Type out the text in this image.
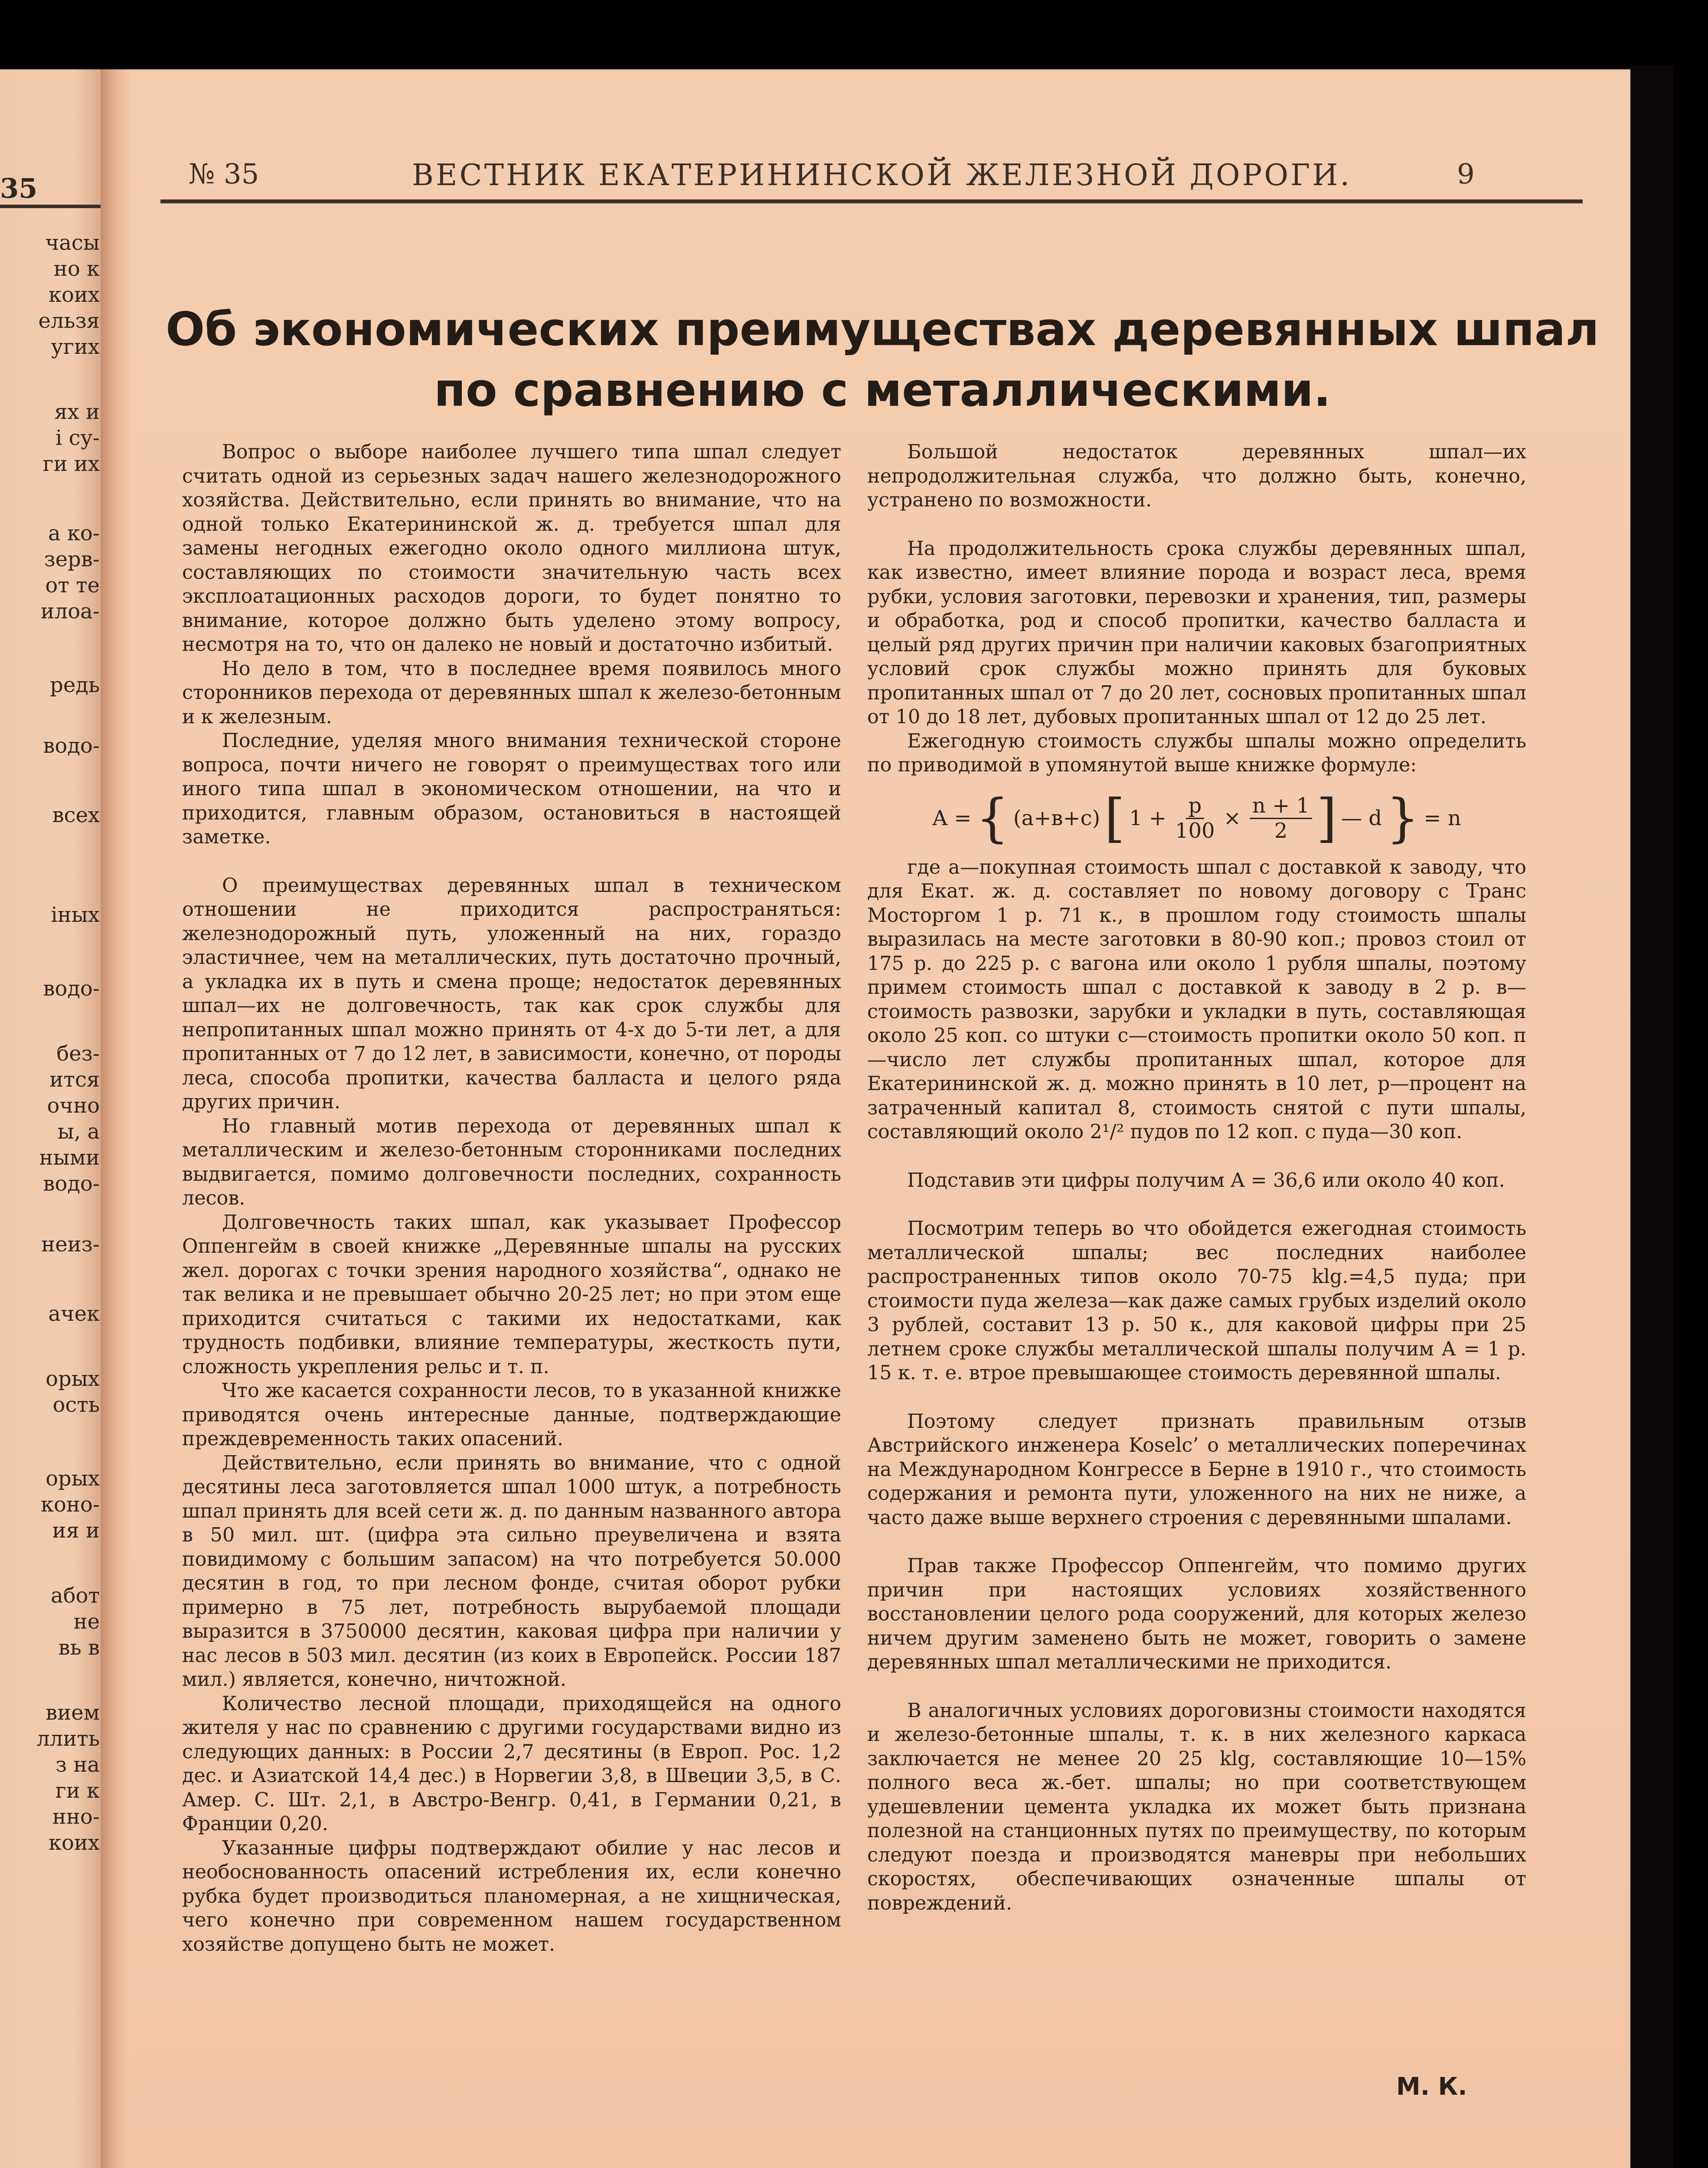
35
часы
но к
коих
ельзя
угих
ях и
і су-
ги их
а ко-
зерв-
от те
илоа-
редь
водо-
всех
іных
водо-
без-
ится
очно
ы, а
ными
водо-
неиз-
ачек
орых
ость
орых
коно-
ия и
абот
не
вь в
вием
ллить
з на
ги к
нно-
коих
№ 35	ВЕСТНИК ЕКАТЕРИНИНСКОЙ ЖЕЛЕЗНОЙ ДОРОГИ.	9
Об экономических преимуществах деревянных шпал по сравнению с металлическими.

Вопрос о выборе наиболее лучшего типа шпал следует считать одной из серьезных задач нашего железнодорожного хозяйства. Действительно, если принять во внимание, что на одной только Екатерининской ж. д. требуется шпал для замены негодных ежегодно около одного миллиона штук, составляющих по стоимости значительную часть всех эксплоатационных расходов дороги, то будет понятно то внимание, которое должно быть уделено этому вопросу, несмотря на то, что он далеко не новый и достаточно избитый.

Но дело в том, что в последнее время появилось много сторонников перехода от деревянных шпал к железо-бетонным и к железным.

Последние, уделяя много внимания технической стороне вопроса, почти ничего не говорят о преимуществах того или иного типа шпал в экономическом отношении, на что и приходится, главным образом, остановиться в настоящей заметке.

О преимуществах деревянных шпал в техническом отношении не приходится распространяться: железнодорожный путь, уложенный на них, гораздо эластичнее, чем на металлических, путь достаточно прочный, а укладка их в путь и смена проще; недостаток деревянных шпал—их не долговечность, так как срок службы для непропитанных шпал можно принять от 4-х до 5-ти лет, а для пропитанных от 7 до 12 лет, в зависимости, конечно, от породы леса, способа пропитки, качества балласта и целого ряда других причин.

Но главный мотив перехода от деревянных шпал к металлическим и железо-бетонным сторонниками последних выдвигается, помимо долговечности последних, сохранность лесов.

Долговечность таких шпал, как указывает Профессор Оппенгейм в своей книжке „Деревянные шпалы на русских жел. дорогах с точки зрения народного хозяйства“, однако не так велика и не превышает обычно 20-25 лет; но при этом еще приходится считаться с такими их недостатками, как трудность подбивки, влияние температуры, жесткость пути, сложность укрепления рельс и т. п.

Что же касается сохранности лесов, то в указанной книжке приводятся очень интересные данные, подтверждающие преждевременность таких опасений.

Действительно, если принять во внимание, что с одной десятины леса заготовляется шпал 1000 штук, а потребность шпал принять для всей сети ж. д. по данным названного автора в 50 мил. шт. (цифра эта сильно преувеличена и взята повидимому с большим запасом) на что потребуется 50.000 десятин в год, то при лесном фонде, считая оборот рубки примерно в 75 лет, потребность вырубаемой площади выразится в 3750000 десятин, каковая цифра при наличии у нас лесов в 503 мил. десятин (из коих в Европейск. России 187 мил.) является, конечно, ничтожной.

Количество лесной площади, приходящейся на одного жителя у нас по сравнению с другими государствами видно из следующих данных: в России 2,7 десятины (в Европ. Рос. 1,2 дес. и Азиатской 14,4 дес.) в Норвегии 3,8, в Швеции 3,5, в С. Амер. С. Шт. 2,1, в Австро-Венгр. 0,41, в Германии 0,21, в Франции 0,20.

Указанные цифры подтверждают обилие у нас лесов и необоснованность опасений истребления их, если конечно рубка будет производиться планомерная, а не хищническая, чего конечно при современном нашем государственном хозяйстве допущено быть не может.

Большой недостаток деревянных шпал—их непродолжительная служба, что должно быть, конечно, устранено по возможности.

На продолжительность срока службы деревянных шпал, как известно, имеет влияние порода и возраст леса, время рубки, условия заготовки, перевозки и хранения, тип, размеры и обработка, род и способ пропитки, качество балласта и целый ряд других причин при наличии каковых бзагоприятных условий срок службы можно принять для буковых пропитанных шпал от 7 до 20 лет, сосновых пропитанных шпал от 10 до 18 лет, дубовых пропитанных шпал от 12 до 25 лет.

Ежегодную стоимость службы шпалы можно определить по приводимой в упомянутой выше книжке формуле:

A = { (а+в+с) [ $1 + \frac{p}{100} \times \frac{n + 1}{2}$ ] — d } = n

где а—покупная стоимость шпал с доставкой к заводу, что для Екат. ж. д. составляет по новому договору с Транс Мосторгом 1 р. 71 к., в прошлом году стоимость шпалы выразилась на месте заготовки в 80-90 коп.; провоз стоил от 175 р. до 225 р. с вагона или около 1 рубля шпалы, поэтому примем стоимость шпал с доставкой к заводу в 2 р. в—стоимость развозки, зарубки и укладки в путь, составляющая около 25 коп. со штуки с—стоимость пропитки около 50 коп. п—число лет службы пропитанных шпал, которое для Екатерининской ж. д. можно принять в 10 лет, р—процент на затраченный капитал 8, стоимость снятой с пути шпалы, составляющий около 2¹/² пудов по 12 коп. с пуда—30 коп.

Подставив эти цифры получим A = 36,6 или около 40 коп.

Посмотрим теперь во что обойдется ежегодная стоимость металлической шпалы; вес последних наиболее распространенных типов около 70-75 klg.=4,5 пуда; при стоимости пуда железа—как даже самых грубых изделий около 3 рублей, составит 13 р. 50 к., для каковой цифры при 25 летнем сроке службы металлической шпалы получим A = 1 р. 15 к. т. е. втрое превышающее стоимость деревянной шпалы.

Поэтому следует признать правильным отзыв Австрийского инженера Koselc’ о металлических поперечинах на Международном Конгрессе в Берне в 1910 г., что стоимость содержания и ремонта пути, уложенного на них не ниже, а часто даже выше верхнего строения с деревянными шпалами.

Прав также Профессор Оппенгейм, что помимо других причин при настоящих условиях хозяйственного восстановлении целого рода сооружений, для которых железо ничем другим заменено быть не может, говорить о замене деревянных шпал металлическими не приходится.

В аналогичных условиях дороговизны стоимости находятся и железо-бетонные шпалы, т. к. в них железного каркаса заключается не менее 20 25 klg, составляющие 10—15% полного веса ж.-бет. шпалы; но при соответствующем удешевлении цемента укладка их может быть признана полезной на станционных путях по преимуществу, по которым следуют поезда и производятся маневры при небольших скоростях, обеспечивающих означенные шпалы от повреждений.

М. К.
